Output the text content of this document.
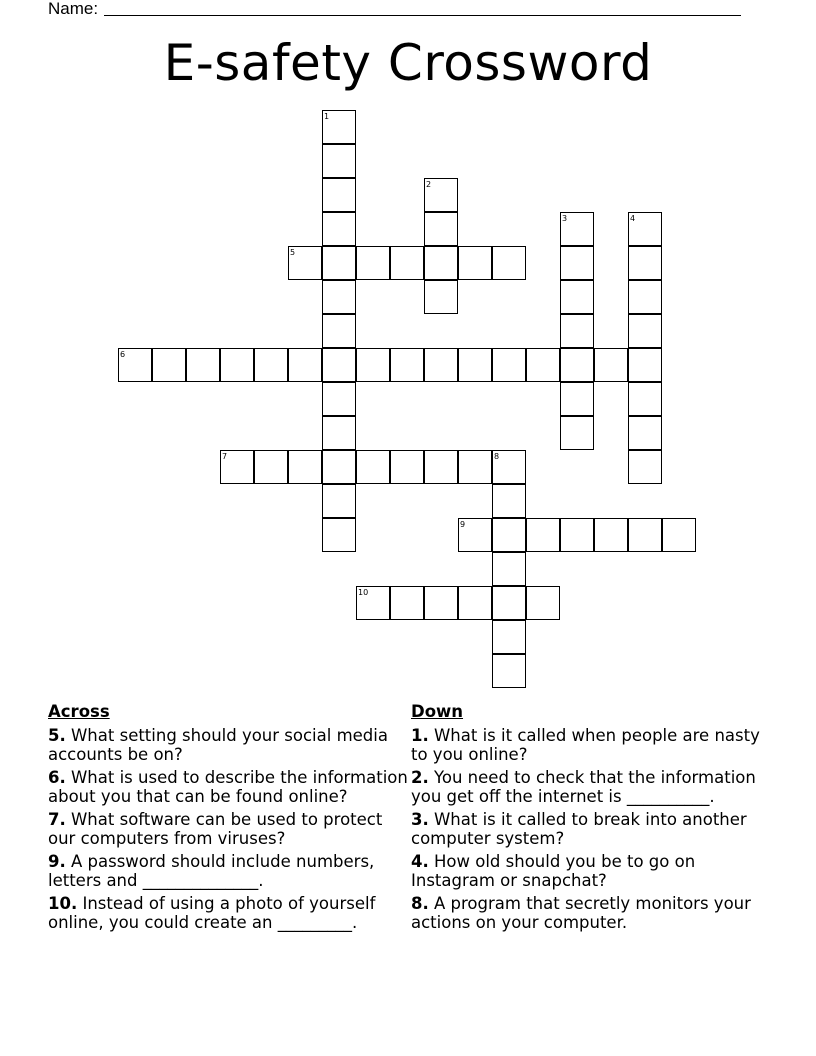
Name:
E-safety Crossword
1
2
3	4
5
6
7	8
9
10
Across
5. What setting should your social media accounts be on?
6. What is used to describe the information about you that can be found online?
7. What software can be used to protect our computers from viruses?
9. A password should include numbers, letters and ______________.
10. Instead of using a photo of yourself online, you could create an _________.
Down
1. What is it called when people are nasty to you online?
2. You need to check that the information you get off the internet is __________.
3. What is it called to break into another computer system?
4. How old should you be to go on Instagram or snapchat?
8. A program that secretly monitors your actions on your computer.
